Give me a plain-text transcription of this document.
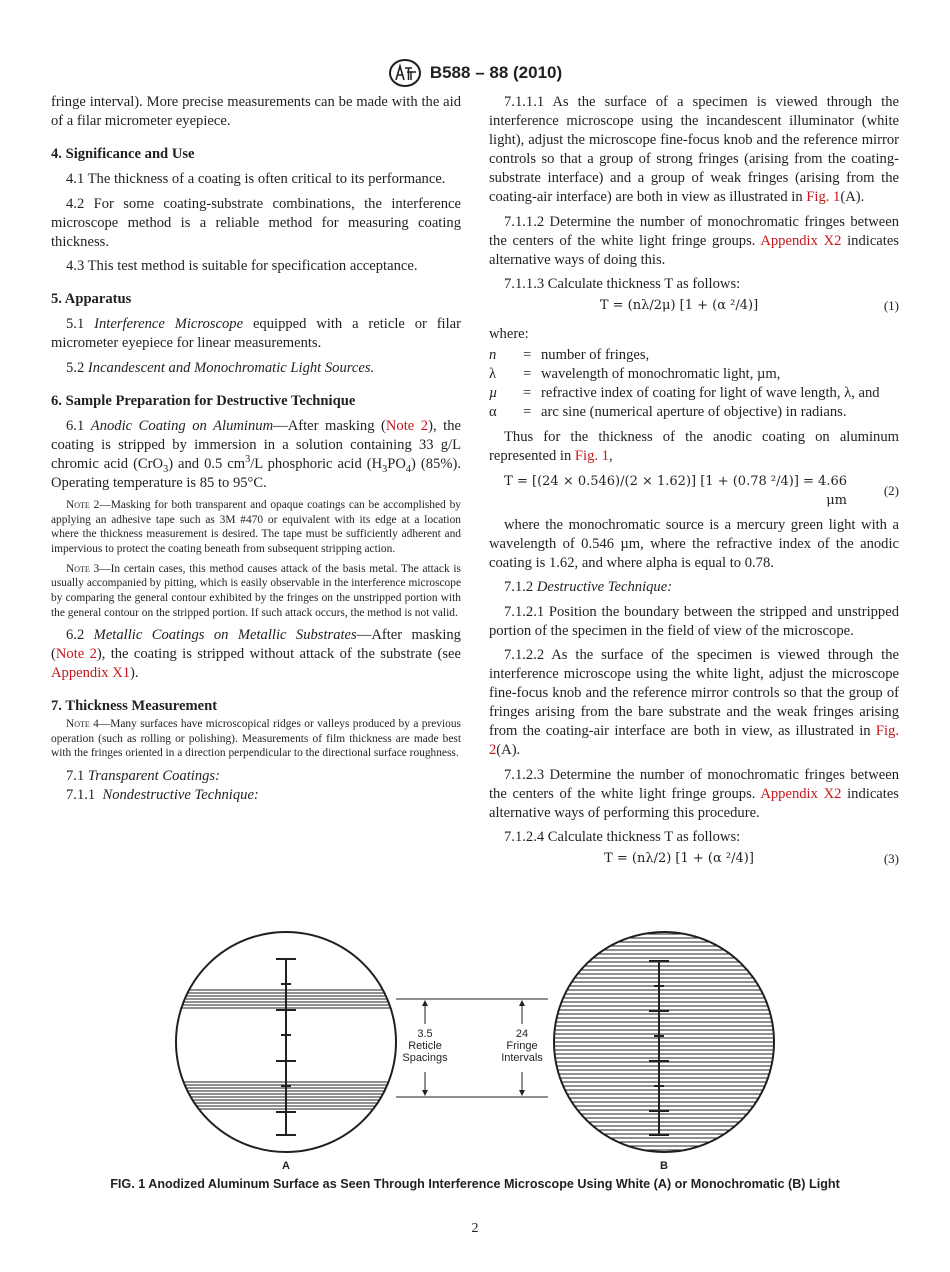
B588 – 88 (2010)

fringe interval). More precise measurements can be made with the aid of a filar micrometer eyepiece.

4. Significance and Use

4.1 The thickness of a coating is often critical to its performance.

4.2 For some coating-substrate combinations, the interference microscope method is a reliable method for measuring coating thickness.

4.3 This test method is suitable for specification acceptance.

5. Apparatus

5.1 Interference Microscope equipped with a reticle or filar micrometer eyepiece for linear measurements.

5.2 Incandescent and Monochromatic Light Sources.

6. Sample Preparation for Destructive Technique

6.1 Anodic Coating on Aluminum—After masking (Note 2), the coating is stripped by immersion in a solution containing 33 g/L chromic acid (CrO$_3$) and 0.5 $cm^3/L$ phosphoric acid $(H_3PO_4)$ (85%). Operating temperature is 85 to 95°C.

Note 2—Masking for both transparent and opaque coatings can be accomplished by applying an adhesive tape such as 3M #470 or equivalent with its edge at a location where the thickness measurement is desired. The tape must be sufficiently adherent and impervious to protect the coating beneath from subsequent stripping action.

Note 3—In certain cases, this method causes attack of the basis metal. The attack is usually accompanied by pitting, which is easily observable in the interference microscope by comparing the general contour exhibited by the fringes on the unstripped portion with the general contour on the stripped portion. If such attack occurs, the method is not valid.

6.2 Metallic Coatings on Metallic Substrates—After masking (Note 2), the coating is stripped without attack of the substrate (see Appendix X1).

7. Thickness Measurement

Note 4—Many surfaces have microscopical ridges or valleys produced by a previous operation (such as rolling or polishing). Measurements of film thickness are made best with the fringes oriented in a direction perpendicular to the directional surface roughness.

7.1 Transparent Coatings:

7.1.1 Nondestructive Technique:

7.1.1.1 As the surface of a specimen is viewed through the interference microscope using the incandescent illuminator (white light), adjust the microscope fine-focus knob and the reference mirror controls so that a group of strong fringes (arising from the coating-substrate interface) and a group of weak fringes (arising from the coating-air interface) are both in view as illustrated in Fig. 1(A).

7.1.1.2 Determine the number of monochromatic fringes between the centers of the white light fringe groups. Appendix X2 indicates alternative ways of doing this.

7.1.1.3 Calculate thickness T as follows:

T = (nλ/2μ) [1 + (α ²/4)]	(1)

where:

n	=	number of fringes,
λ	=	wavelength of monochromatic light, µm,
µ	=	refractive index of coating for light of wave length, λ, and
α	=	arc sine (numerical aperture of objective) in radians.

Thus for the thickness of the anodic coating on aluminum represented in Fig. 1,

T = [(24 × 0.546)/(2 × 1.62)] [1 + (0.78 ²/4)] = 4.66 μm
(2)

where the monochromatic source is a mercury green light with a wavelength of 0.546 µm, where the refractive index of the anodic coating is 1.62, and where alpha is equal to 0.78.

7.1.2 Destructive Technique:

7.1.2.1 Position the boundary between the stripped and unstripped portion of the specimen in the field of view of the microscope.

7.1.2.2 As the surface of the specimen is viewed through the interference microscope using the white light, adjust the microscope fine-focus knob and the reference mirror controls so that the group of fringes arising from the bare substrate and the weak fringes arising from the coating-air interface are both in view, as illustrated in Fig. 2(A).

7.1.2.3 Determine the number of monochromatic fringes between the centers of the white light fringe groups. Appendix X2 indicates alternative ways of performing this procedure.

7.1.2.4 Calculate thickness T as follows:

T = (nλ/2) [1 + (α ²/4)]	(3)
3.5
Reticle
Spacings
24
Fringe
Intervals
A	B
FIG. 1 Anodized Aluminum Surface as Seen Through Interference Microscope Using White (A) or Monochromatic (B) Light
2
